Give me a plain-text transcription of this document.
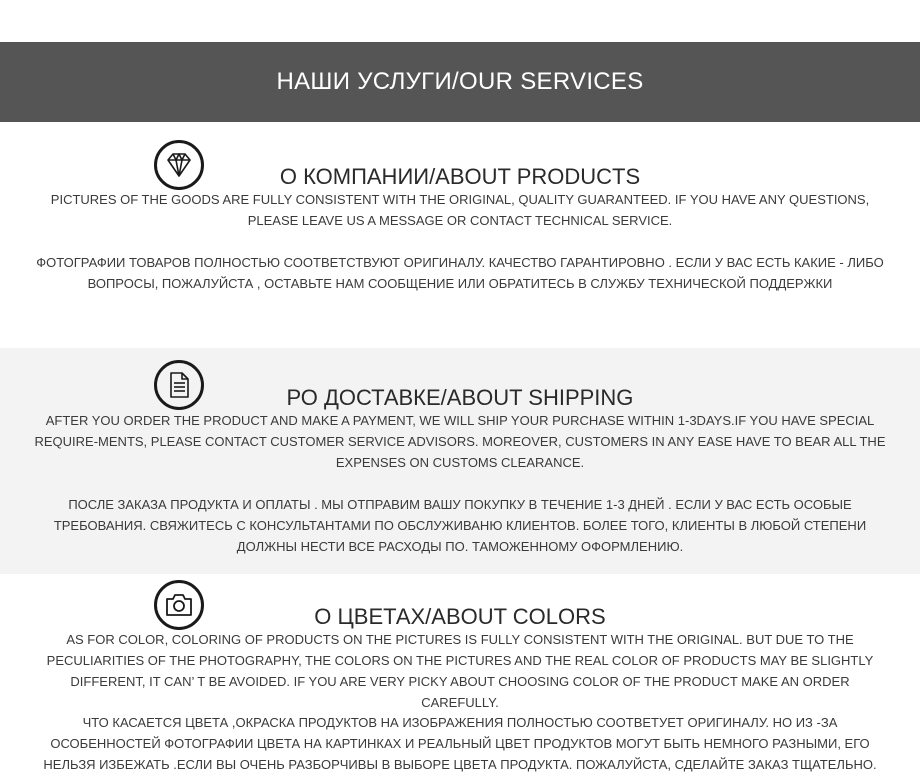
НАШИ УСЛУГИ/OUR SERVICES
О КОМПАНИИ/ABOUT PRODUCTS
PICTURES OF THE GOODS ARE FULLY CONSISTENT WITH THE ORIGINAL, QUALITY GUARANTEED. IF YOU HAVE ANY QUESTIONS, PLEASE LEAVE US A MESSAGE OR CONTACT TECHNICAL SERVICE.
ФОТОГРАФИИ ТОВАРОВ ПОЛНОСТЬЮ СООТВЕТСТВУЮТ ОРИГИНАЛУ. КАЧЕСТВО ГАРАНТИРОВНО . ЕСЛИ У ВАС ЕСТЬ КАКИЕ - ЛИБО ВОПРОСЫ, ПОЖАЛУЙСТА , ОСТАВЬТЕ НАМ СООБЩЕНИЕ ИЛИ ОБРАТИТЕСЬ В СЛУЖБУ ТЕХНИЧЕСКОЙ ПОДДЕРЖКИ
РО ДОСТАВКЕ/ABOUT SHIPPING
AFTER YOU ORDER THE PRODUCT AND MAKE A PAYMENT, WE WILL SHIP YOUR PURCHASE WITHIN 1-3DAYS.IF YOU HAVE SPECIAL REQUIRE-MENTS, PLEASE CONTACT CUSTOMER SERVICE ADVISORS. MOREOVER, CUSTOMERS IN ANY EASE HAVE TO BEAR ALL THE EXPENSES ON CUSTOMS CLEARANCE.
ПОСЛЕ ЗАКАЗА ПРОДУКТА И ОПЛАТЫ . МЫ ОТПРАВИМ ВАШУ ПОКУПКУ В ТЕЧЕНИЕ 1-3 ДНЕЙ . ЕСЛИ У ВАС ЕСТЬ ОСОБЫЕ ТРЕБОВАНИЯ. СВЯЖИТЕСЬ С КОНСУЛЬТАНТАМИ ПО ОБСЛУЖИВАНЮ КЛИЕНТОВ. БОЛЕЕ ТОГО, КЛИЕНТЫ В ЛЮБОЙ СТЕПЕНИ ДОЛЖНЫ НЕСТИ ВСЕ РАСХОДЫ ПО. ТАМОЖЕННОМУ ОФОРМЛЕНИЮ.
О ЦВЕТАХ/ABOUT COLORS
AS FOR COLOR, COLORING OF PRODUCTS ON THE PICTURES IS FULLY CONSISTENT WITH THE ORIGINAL. BUT DUE TO THE PECULIARITIES OF THE PHOTOGRAPHY, THE COLORS ON THE PICTURES AND THE REAL COLOR OF PRODUCTS MAY BE SLIGHTLY DIFFERENT, IT CAN’ T BE AVOIDED. IF YOU ARE VERY PICKY ABOUT CHOOSING COLOR OF THE PRODUCT MAKE AN ORDER CAREFULLY.
ЧТО КАСАЕТСЯ ЦВЕТА ,ОКРАСКА ПРОДУКТОВ НА ИЗОБРАЖЕНИЯ ПОЛНОСТЬЮ СООТВЕТУЕТ ОРИГИНАЛУ. НО ИЗ -ЗА ОСОБЕННОСТЕЙ ФОТОГРАФИИ ЦВЕТА НА КАРТИНКАХ И РЕАЛЬНЫЙ ЦВЕТ ПРОДУКТОВ МОГУТ БЫТЬ НЕМНОГО РАЗНЫМИ, ЕГО НЕЛЬЗЯ ИЗБЕЖАТЬ .ЕСЛИ ВЫ ОЧЕНЬ РАЗБОРЧИВЫ В ВЫБОРЕ ЦВЕТА ПРОДУКТА. ПОЖАЛУЙСТА, СДЕЛАЙТЕ ЗАКАЗ ТЩАТЕЛЬНО.
